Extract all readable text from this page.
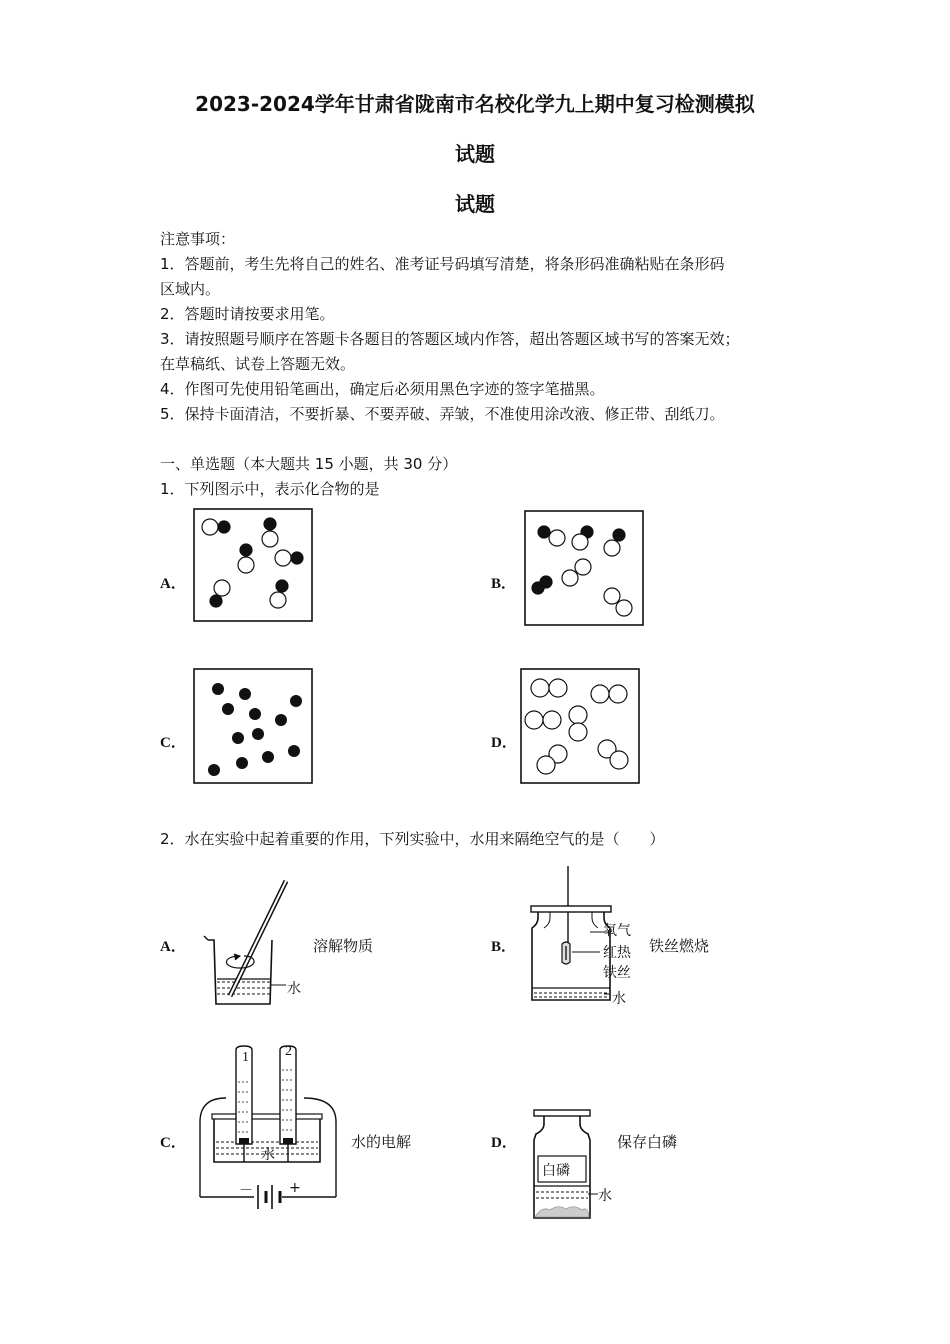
2023-2024学年甘肃省陇南市名校化学九上期中复习检测模拟
试题
试题
注意事项：
1．答题前，考生先将自己的姓名、准考证号码填写清楚，将条形码准确粘贴在条形码
区域内。
2．答题时请按要求用笔。
3．请按照题号顺序在答题卡各题目的答题区域内作答，超出答题区域书写的答案无效；
在草稿纸、试卷上答题无效。
4．作图可先使用铅笔画出，确定后必须用黑色字迹的签字笔描黑。
5．保持卡面清洁，不要折暴、不要弄破、弄皱，不准使用涂改液、修正带、刮纸刀。
一、单选题（本大题共 15 小题，共 30 分）
1．下列图示中，表示化合物的是
A．	B．
C．	D．
2．水在实验中起着重要的作用，下列实验中，水用来隔绝空气的是（　　）
A．	B．
C．	D．
溶解物质	铁丝燃烧
水的电解	保存白磷
水
氧气
红热
铁丝
水
1	2
水
－	+
白磷
水
